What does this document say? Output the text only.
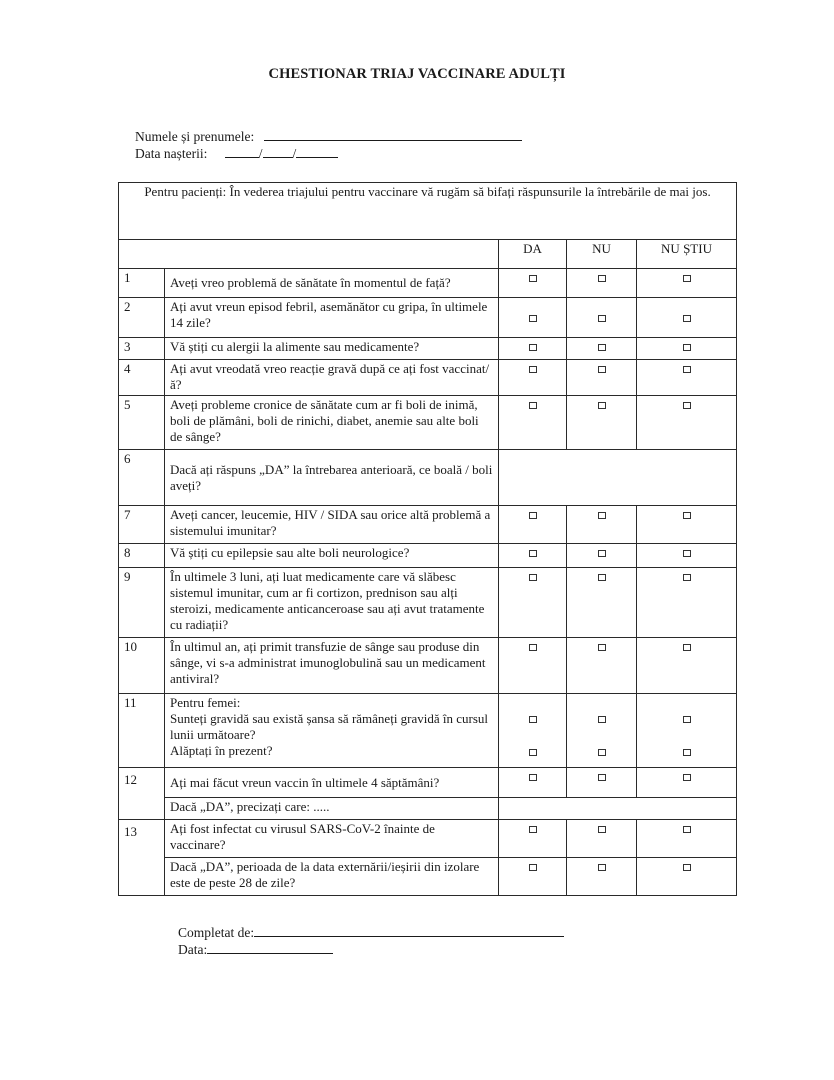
CHESTIONAR TRIAJ VACCINARE ADULȚI
Numele și prenumele:
Data nașterii:	/ /
Pentru pacienți: În vederea triajului pentru vaccinare vă rugăm să bifați răspunsurile la întrebările de mai jos.				
		DA	NU	NU ȘTIU
1	Aveți vreo problemă de sănătate în momentul de față?			
2	Ați avut vreun episod febril, asemănător cu gripa, în ultimele 14 zile?			
3	Vă știți cu alergii la alimente sau medicamente?			
4	Ați avut vreodată vreo reacție gravă după ce ați fost vaccinat/ă?			
5	Aveți probleme cronice de sănătate cum ar fi boli de inimă, boli de plămâni, boli de rinichi, diabet, anemie sau alte boli de sânge?			
6	Dacă ați răspuns „DA” la întrebarea anterioară, ce boală / boli aveți?			
7	Aveți cancer, leucemie, HIV / SIDA sau orice altă problemă a sistemului imunitar?			
8	Vă știți cu epilepsie sau alte boli neurologice?			
9	În ultimele 3 luni, ați luat medicamente care vă slăbesc sistemul imunitar, cum ar fi cortizon, prednison sau alți steroizi, medicamente anticanceroase sau ați avut tratamente cu radiații?			
10	În ultimul an, ați primit transfuzie de sânge sau produse din sânge, vi s-a administrat imunoglobulină sau un medicament antiviral?			
11	Pentru femei:
Sunteți gravidă sau există șansa să rămâneți gravidă în cursul lunii următoare?
Alăptați în prezent?			

12	Ați mai făcut vreun vaccin în ultimele 4 săptămâni?			
	Dacă „DA”, precizați care: .....			
13	Ați fost infectat cu virusul SARS-CoV-2 înainte de vaccinare?			
	Dacă „DA”, perioada de la data externării/ieșirii din izolare este de peste 28 de zile?			
Completat de:
Data:
